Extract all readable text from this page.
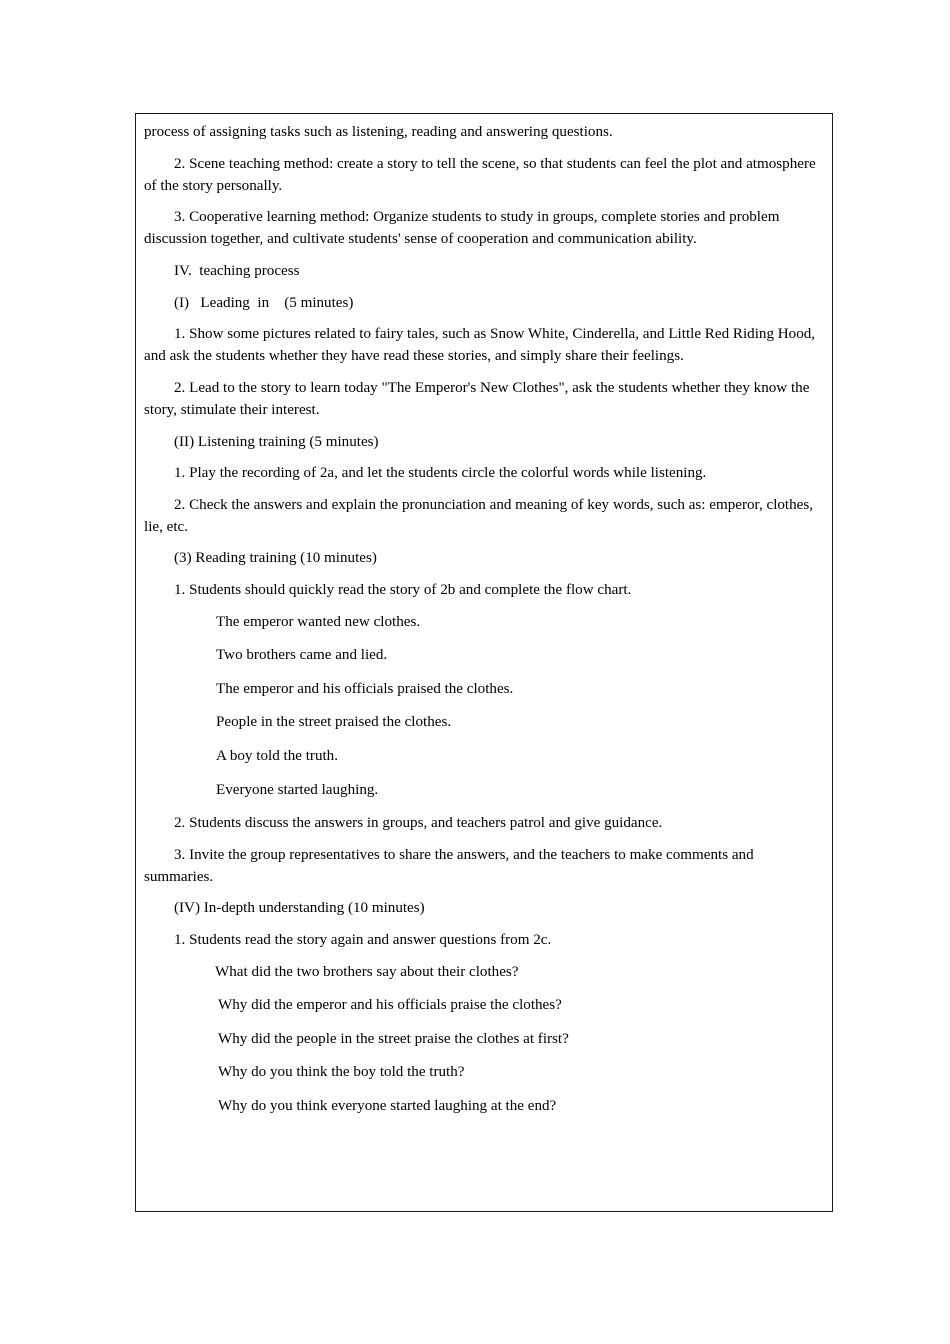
process of assigning tasks such as listening, reading and answering questions.

2. Scene teaching method: create a story to tell the scene, so that students can feel the plot and atmosphere of the story personally.

3. Cooperative learning method: Organize students to study in groups, complete stories and problem discussion together, and cultivate students' sense of cooperation and communication ability.

IV.  teaching process

(I)   Leading  in    (5 minutes)

1. Show some pictures related to fairy tales, such as Snow White, Cinderella, and Little Red Riding Hood, and ask the students whether they have read these stories, and simply share their feelings.

2. Lead to the story to learn today "The Emperor's New Clothes", ask the students whether they know the story, stimulate their interest.

(II) Listening training (5 minutes)

1. Play the recording of 2a, and let the students circle the colorful words while listening.

2. Check the answers and explain the pronunciation and meaning of key words, such as: emperor, clothes, lie, etc.

(3) Reading training (10 minutes)

1. Students should quickly read the story of 2b and complete the flow chart.

The emperor wanted new clothes.

Two brothers came and lied.

The emperor and his officials praised the clothes.

People in the street praised the clothes.

A boy told the truth.

Everyone started laughing.

2. Students discuss the answers in groups, and teachers patrol and give guidance.

3. Invite the group representatives to share the answers, and the teachers to make comments and summaries.

(IV) In-depth understanding (10 minutes)

1. Students read the story again and answer questions from 2c.

What did the two brothers say about their clothes?

Why did the emperor and his officials praise the clothes?

Why did the people in the street praise the clothes at first?

Why do you think the boy told the truth?

Why do you think everyone started laughing at the end?
